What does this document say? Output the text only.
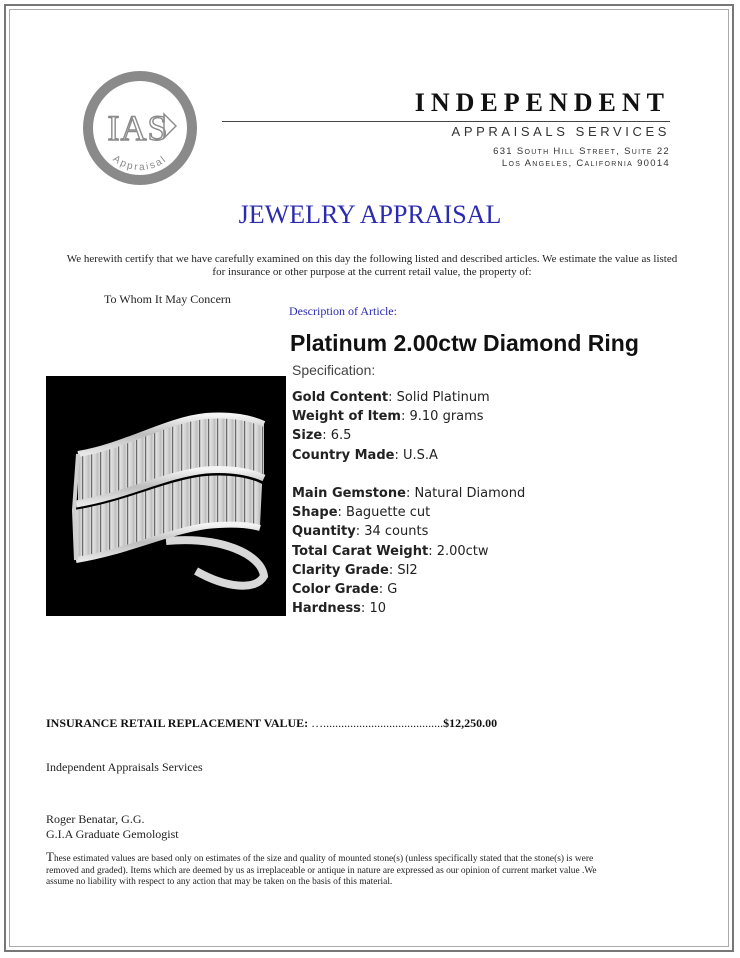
IAS
Appraisal
INDEPENDENT
APPRAISALS SERVICES
631 South Hill Street, Suite 22
Los Angeles, California 90014
JEWELRY APPRAISAL
We herewith certify that we have carefully examined on this day the following listed and described articles. We estimate the value as listed for insurance or other purpose at the current retail value, the property of:
To Whom It May Concern
Description of Article:
Platinum 2.00ctw Diamond Ring
Specification:
Gold Content: Solid Platinum
Weight of Item: 9.10 grams
Size: 6.5
Country Made: U.S.A
Main Gemstone: Natural Diamond
Shape: Baguette cut
Quantity: 34 counts
Total Carat Weight: 2.00ctw
Clarity Grade: SI2
Color Grade: G
Hardness: 10
INSURANCE RETAIL REPLACEMENT VALUE: …........................................$12,250.00
Independent Appraisals Services
Roger Benatar, G.G.
G.I.A Graduate Gemologist
These estimated values are based only on estimates of the size and quality of mounted stone(s) (unless specifically stated that the stone(s) is were removed and graded). Items which are deemed by us as irreplaceable or antique in nature are expressed as our opinion of current market value .We assume no liability with respect to any action that may be taken on the basis of this material.
